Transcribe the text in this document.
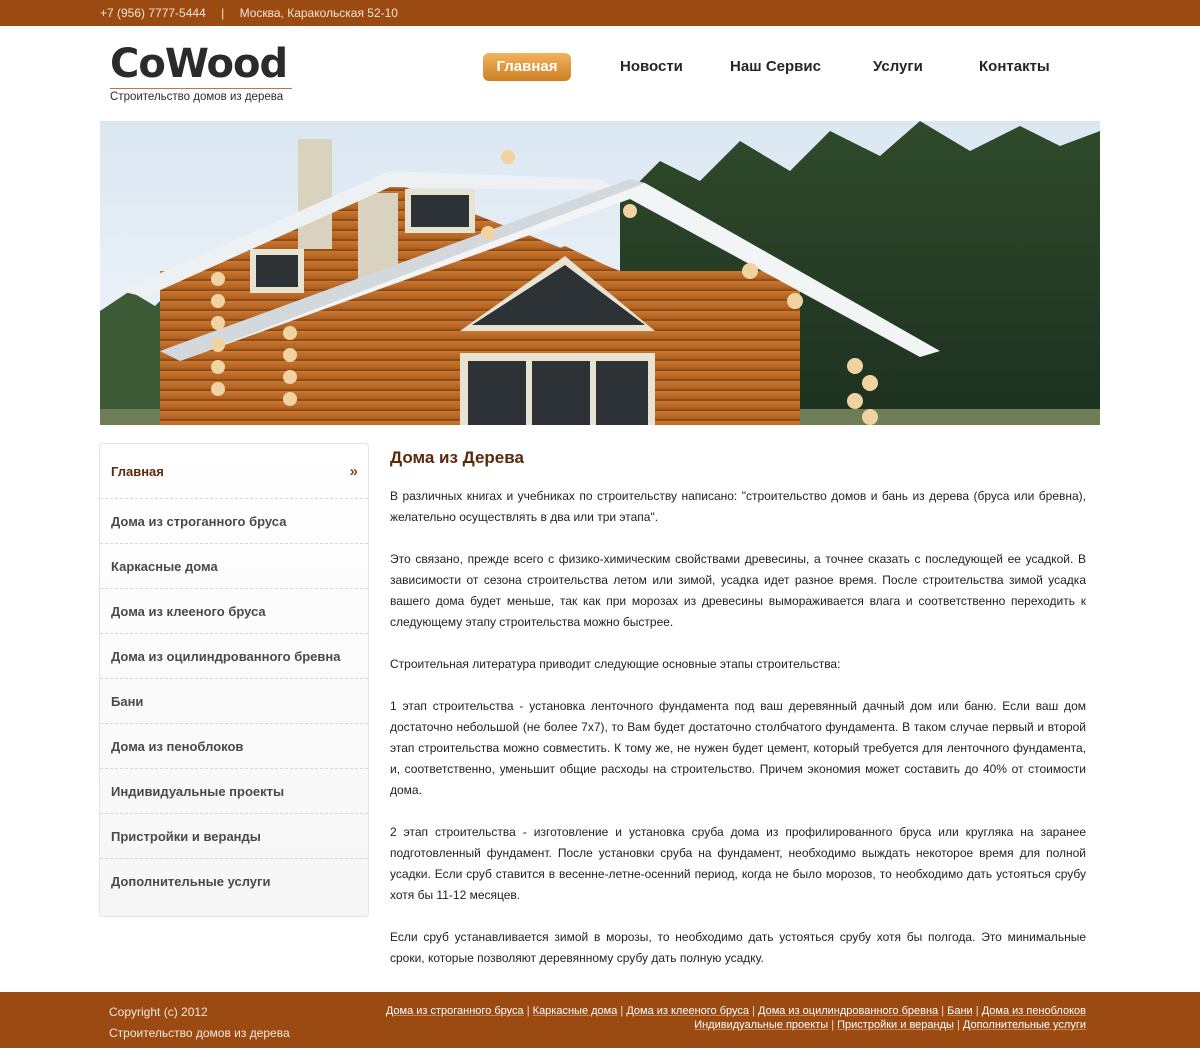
+7 (956) 7777-5444 | Москва, Каракольская 52-10
CoWood
Строительство домов из дерева
Главная	Новости	Наш Сервис	Услуги	Контакты
Главная	»
Дома из строганного бруса
Каркасные дома
Дома из клееного бруса
Дома из оцилиндрованного бревна
Бани
Дома из пеноблоков
Индивидуальные проекты
Пристройки и веранды
Дополнительные услуги
Дома из Дерева

В различных книгах и учебниках по строительству написано: "строительство домов и бань из дерева (бруса или бревна), желательно осуществлять в два или три этапа".

Это связано, прежде всего с физико-химическим свойствами древесины, а точнее сказать с последующей ее усадкой. В зависимости от сезона строительства летом или зимой, усадка идет разное время. После строительства зимой усадка вашего дома будет меньше, так как при морозах из древесины вымораживается влага и соответственно переходить к следующему этапу строительства можно быстрее.

Строительная литература приводит следующие основные этапы строительства:

1 этап строительства - установка ленточного фундамента под ваш деревянный дачный дом или баню. Если ваш дом достаточно небольшой (не более 7х7), то Вам будет достаточно столбчатого фундамента. В таком случае первый и второй этап строительства можно совместить. К тому же, не нужен будет цемент, который требуется для ленточного фундамента, и, соответственно, уменьшит общие расходы на строительство. Причем экономия может составить до 40% от стоимости дома.

2 этап строительства - изготовление и установка сруба дома из профилированного бруса или кругляка на заранее подготовленный фундамент. После установки сруба на фундамент, необходимо выждать некоторое время для полной усадки. Если сруб ставится в весенне-летне-осенний период, когда не было морозов, то необходимо дать устояться срубу хотя бы 11-12 месяцев.

Если сруб устанавливается зимой в морозы, то необходимо дать устояться срубу хотя бы полгода. Это минимальные сроки, которые позволяют деревянному срубу дать полную усадку.

Copyright (c) 2012
Строительство домов из дерева
Дома из строганного бруса | Каркасные дома | Дома из клееного бруса | Дома из оцилиндрованного бревна | Бани | Дома из пеноблоков
Индивидуальные проекты | Пристройки и веранды | Дополнительные услуги
